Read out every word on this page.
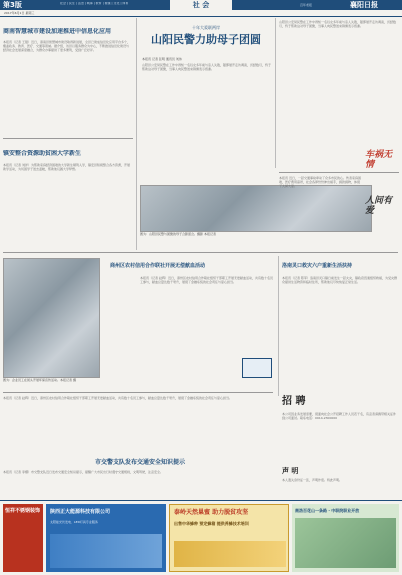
第3版
2017年6月1日 星期三
社会 | 民生 | 法治 | 城事 | 教育 | 健康 | 文化 | 体育	社 会	百年老报	襄阳日报
商南智慧城市建设加速推进中信息化应用
本报讯（记者 王强）近日，商南县智慧城市建设取得新进展，全县已建成信息化应用平台多个，覆盖政务、教育、医疗、交通等领域。据介绍，该县以服务群众为中心，不断推进信息化建设与经济社会发展深度融合，为群众办事提供了更多便利，受到广泛好评。
十年大爱联两岸
山阳民警力助母子团圆
本报讯 记者 张明 通讯员 刘伟
山阳县公安局民警在工作中得知一名妇女多年前与亲人失散，随即展开走访调查，历经数月，终于帮助这对母子团聚，当事人向民警送来锦旗表示感谢。
山阳县公安局民警在工作中得知一名妇女多年前与亲人失散，随即展开走访调查，历经数月，终于帮助这对母子团聚，当事人向民警送来锦旗表示感谢。
镇安整合资源助贫困大学新生
本报讯（记者 刘洋）为帮助家庭经济困难的大学新生顺利入学，镇安县积极整合各方资源，开展助学活动，为贫困学子送去温暖，帮助他们圆大学梦想。
图为：山阳县民警与团聚的母子合影留念。摄影 本报记者
本报讯 近日，一起交通事故牵动了众多市民的心。伤者家庭困难，医疗费用高昂，社会各界纷纷伸出援手，捐款捐物，体现了人间大爱。
车祸无情
人间有爱
图为：企业员工在街头开展环保宣传活动。本报记者 摄
商州区农村信用合作联社开展无偿献血活动
本报讯（记者 赵辉）近日，商州区农村信用合作联社组织干部职工开展无偿献血活动，共有数十名员工参与，献血总量达数千毫升，展现了金融系统的社会责任与爱心担当。
洛南灵口救灾六户重新生活扶持
本报讯（记者 陈军）洛南县灵口镇日前发生一起火灾，镇政府迅速组织救援，为受灾群众提供生活物资和临时住所，帮助他们尽快恢复正常生活。
本报讯（记者 赵辉）近日，商州区农村信用合作联社组织干部职工开展无偿献血活动，共有数十名员工参与，献血总量达数千毫升，展现了金融系统的社会责任与爱心担当。
市交警支队发布交通安全知识提示
本报讯（记者 李娜）市交警支队近日发布交通安全知识提示，提醒广大市民出行时遵守交通规则，文明驾驶，注意安全。
招 聘
本公司因业务发展需要，现面向社会公开招聘工作人员若干名，有意者请携带相关证件到公司面试。联系电话：0914-2300000
声 明
本人遗失身份证一张，声明作废。特此声明。
恒祥不锈钢装饰 陕西正大能源科技有限公司
太阳能光伏发电、LED灯具专业服务
泰岭天然巢蜜 助力脱贫攻坚
出售中华蜂种 预定蜂箱 提供养蜂技术培训
商洛百花山一条路 · 中职院职业开放
